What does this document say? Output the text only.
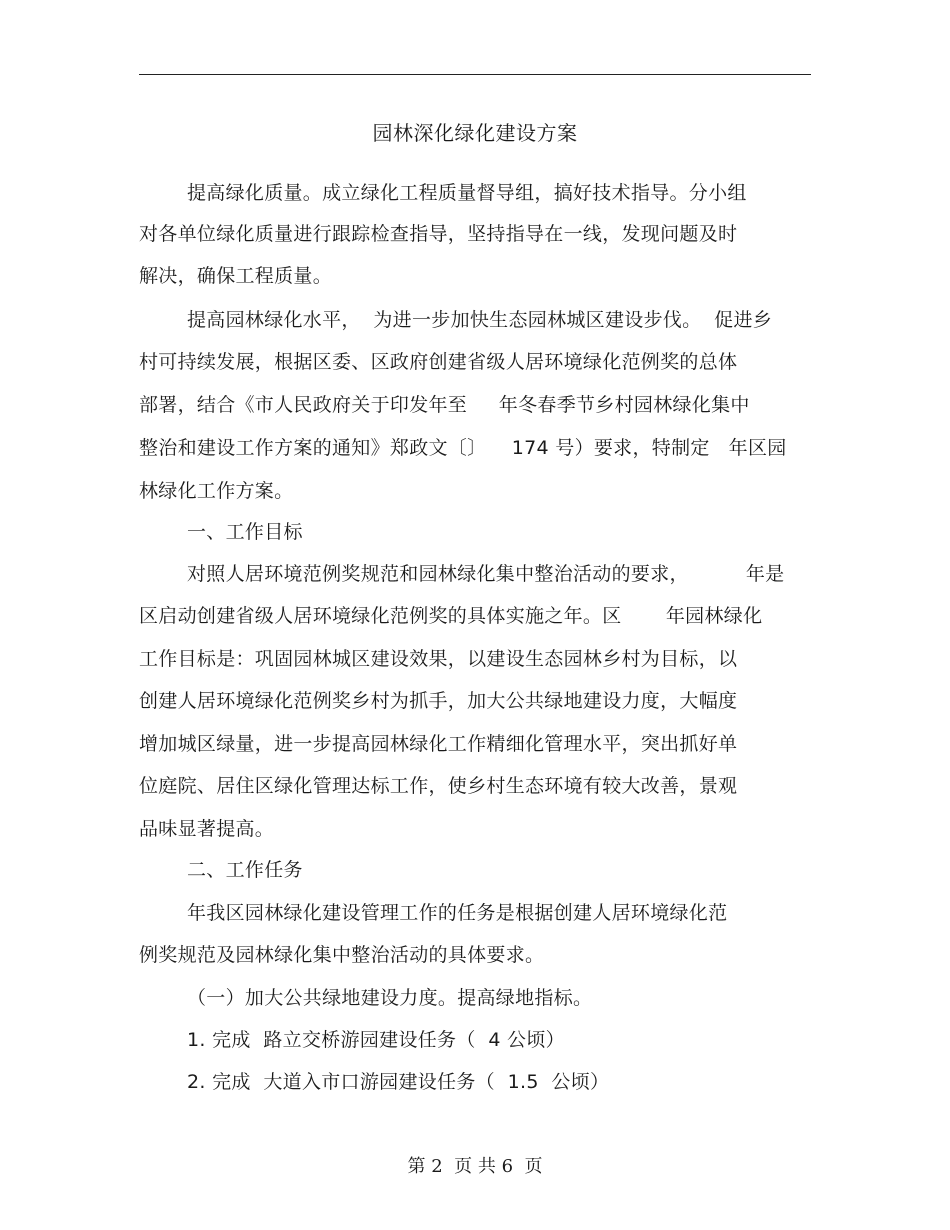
园林深化绿化建设方案
提高绿化质量。成立绿化工程质量督导组，搞好技术指导。分小组
对各单位绿化质量进行跟踪检查指导，坚持指导在一线，发现问题及时
解决，确保工程质量。
提高园林绿化水平，  为进一步加快生态园林城区建设步伐。  促进乡
村可持续发展，根据区委、区政府创建省级人居环境绿化范例奖的总体
部署，结合《市人民政府关于印发年至     年冬春季节乡村园林绿化集中
整治和建设工作方案的通知》郑政文〔〕    174 号）要求，特制定   年区园
林绿化工作方案。
一、工作目标
对照人居环境范例奖规范和园林绿化集中整治活动的要求，         年是
区启动创建省级人居环境绿化范例奖的具体实施之年。区       年园林绿化
工作目标是：巩固园林城区建设效果，以建设生态园林乡村为目标，以
创建人居环境绿化范例奖乡村为抓手，加大公共绿地建设力度，大幅度
增加城区绿量，进一步提高园林绿化工作精细化管理水平，突出抓好单
位庭院、居住区绿化管理达标工作，使乡村生态环境有较大改善，景观
品味显著提高。
二、工作任务
年我区园林绿化建设管理工作的任务是根据创建人居环境绿化范
例奖规范及园林绿化集中整治活动的具体要求。
（一）加大公共绿地建设力度。提高绿地指标。
1. 完成  路立交桥游园建设任务（  4 公顷）
2. 完成  大道入市口游园建设任务（  1.5  公顷）
第 2  页 共 6  页
